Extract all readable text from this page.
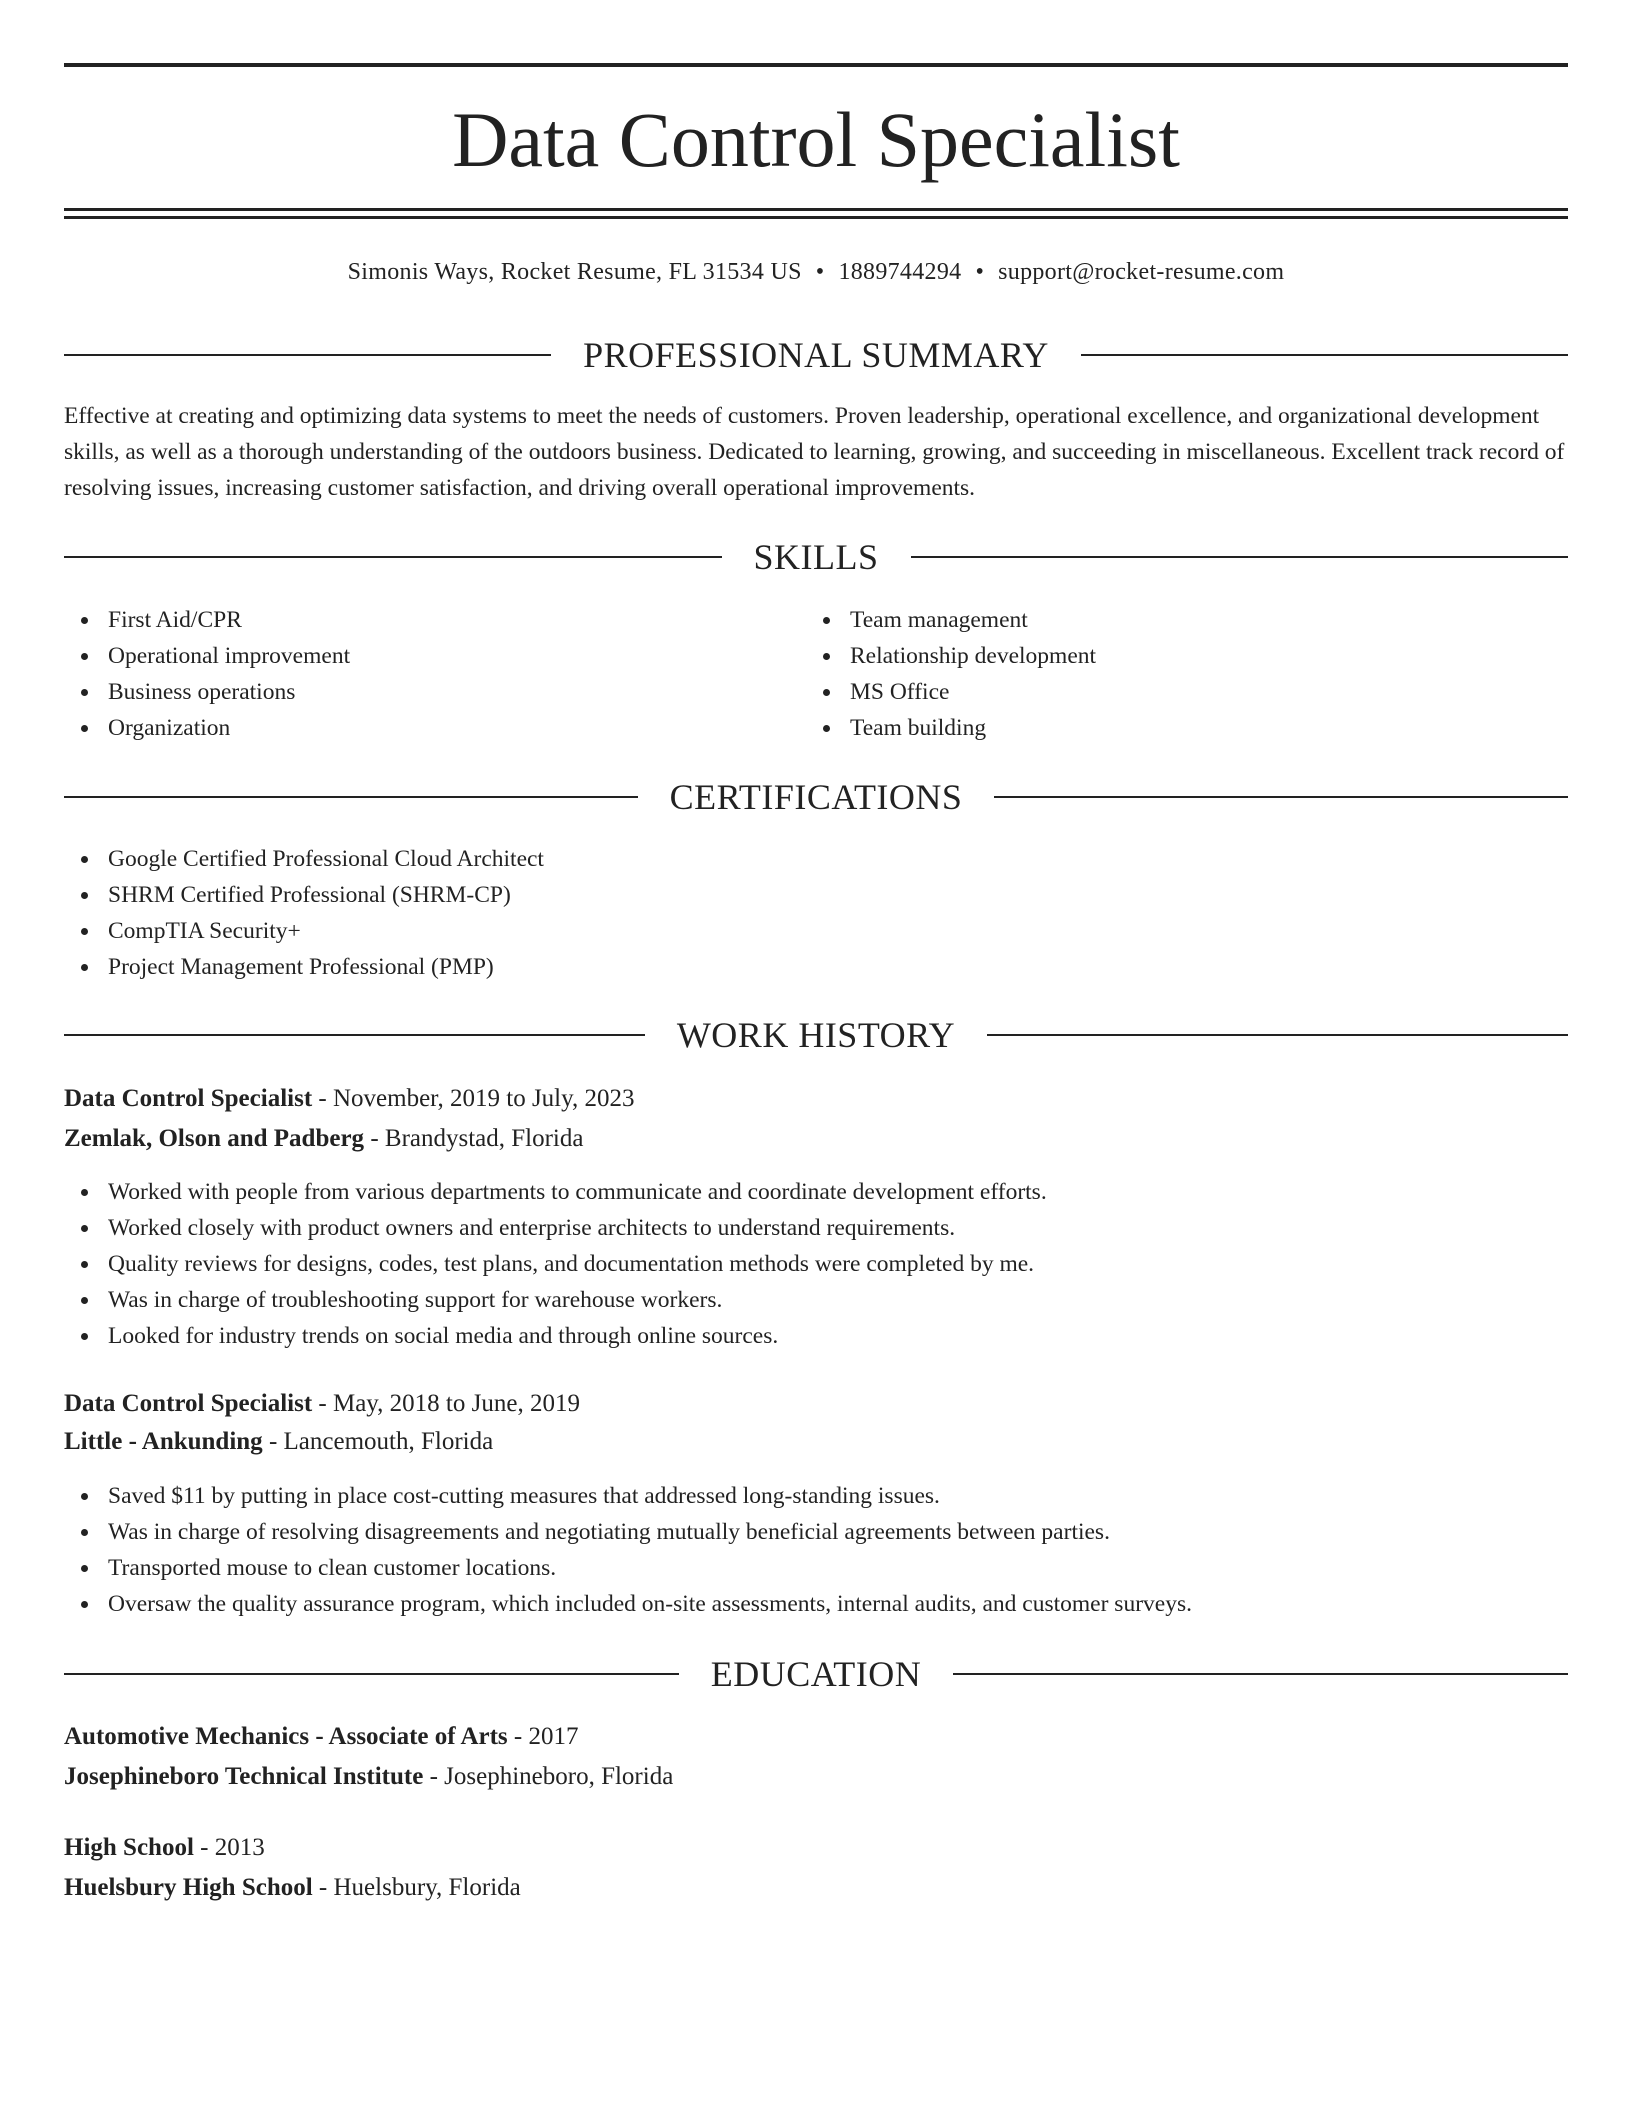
Data Control Specialist
Simonis Ways, Rocket Resume, FL 31534 US • 1889744294 • support@rocket-resume.com
PROFESSIONAL SUMMARY

Effective at creating and optimizing data systems to meet the needs of customers. Proven leadership, operational excellence, and organizational development skills, as well as a thorough understanding of the outdoors business. Dedicated to learning, growing, and succeeding in miscellaneous. Excellent track record of resolving issues, increasing customer satisfaction, and driving overall operational improvements.

SKILLS
First Aid/CPR
Operational improvement
Business operations
Organization
Team management
Relationship development
MS Office
Team building
CERTIFICATIONS
Google Certified Professional Cloud Architect
SHRM Certified Professional (SHRM-CP)
CompTIA Security+
Project Management Professional (PMP)
WORK HISTORY
Data Control Specialist - November, 2019 to July, 2023
Zemlak, Olson and Padberg - Brandystad, Florida
Worked with people from various departments to communicate and coordinate development efforts.
Worked closely with product owners and enterprise architects to understand requirements.
Quality reviews for designs, codes, test plans, and documentation methods were completed by me.
Was in charge of troubleshooting support for warehouse workers.
Looked for industry trends on social media and through online sources.
Data Control Specialist - May, 2018 to June, 2019
Little - Ankunding - Lancemouth, Florida
Saved $11 by putting in place cost-cutting measures that addressed long-standing issues.
Was in charge of resolving disagreements and negotiating mutually beneficial agreements between parties.
Transported mouse to clean customer locations.
Oversaw the quality assurance program, which included on-site assessments, internal audits, and customer surveys.
EDUCATION
Automotive Mechanics - Associate of Arts - 2017
Josephineboro Technical Institute - Josephineboro, Florida
High School - 2013
Huelsbury High School - Huelsbury, Florida
